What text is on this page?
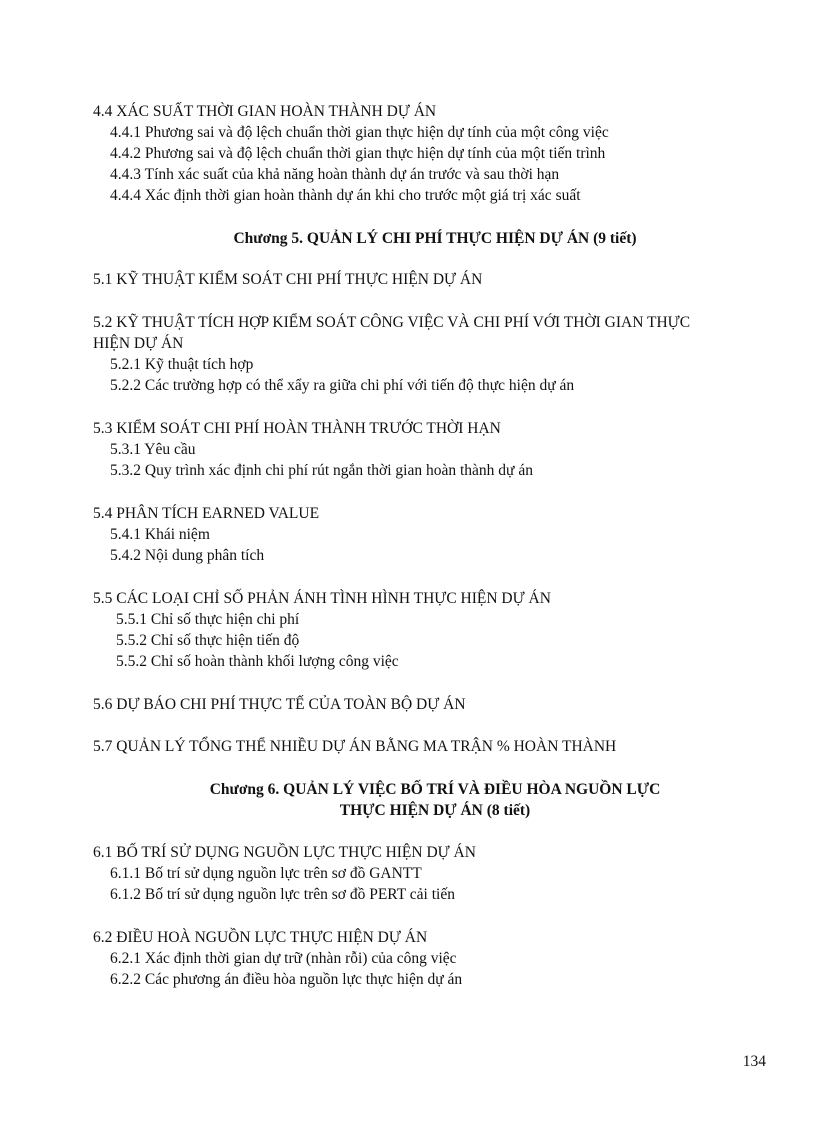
4.4 XÁC SUẤT THỜI GIAN HOÀN THÀNH DỰ ÁN
4.4.1 Phương sai và độ lệch chuẩn thời gian thực hiện dự tính của một công việc
4.4.2 Phương sai và độ lệch chuẩn thời gian thực hiện dự tính của một tiến trình
4.4.3 Tính xác suất của khả năng hoàn thành dự án trước và sau thời hạn
4.4.4 Xác định thời gian hoàn thành dự án khi cho trước một giá trị xác suất
Chương 5. QUẢN LÝ CHI PHÍ THỰC HIỆN DỰ ÁN (9 tiết)
5.1 KỸ THUẬT KIỂM SOÁT CHI PHÍ THỰC HIỆN DỰ ÁN
5.2 KỸ THUẬT TÍCH HỢP KIỂM SOÁT CÔNG VIỆC VÀ CHI PHÍ VỚI THỜI GIAN THỰC
HIỆN DỰ ÁN
5.2.1 Kỹ thuật tích hợp
5.2.2 Các trường hợp có thể xẩy ra giữa chi phí với tiến độ thực hiện dự án
5.3 KIỂM SOÁT CHI PHÍ HOÀN THÀNH TRƯỚC THỜI HẠN
5.3.1 Yêu cầu
5.3.2 Quy trình xác định chi phí rút ngắn thời gian hoàn thành dự án
5.4 PHÂN TÍCH EARNED VALUE
5.4.1 Khái niệm
5.4.2 Nội dung phân tích
5.5 CÁC LOẠI CHỈ SỐ PHẢN ÁNH TÌNH HÌNH THỰC HIỆN DỰ ÁN
5.5.1 Chỉ số thực hiện chi phí
5.5.2 Chỉ số thực hiện tiến độ
5.5.2 Chỉ số hoàn thành khối lượng công việc
5.6 DỰ BÁO CHI PHÍ THỰC TẾ CỦA TOÀN BỘ DỰ ÁN
5.7 QUẢN LÝ TỔNG THỂ NHIỀU DỰ ÁN BẰNG MA TRẬN % HOÀN THÀNH
Chương 6. QUẢN LÝ VIỆC BỐ TRÍ VÀ ĐIỀU HÒA NGUỒN LỰC
THỰC HIỆN DỰ ÁN (8 tiết)
6.1 BỐ TRÍ SỬ DỤNG NGUỒN LỰC THỰC HIỆN DỰ ÁN
6.1.1 Bố trí sử dụng nguồn lực trên sơ đồ GANTT
6.1.2 Bố trí sử dụng nguồn lực trên sơ đồ PERT cải tiến
6.2 ĐIỀU HOÀ NGUỒN LỰC THỰC HIỆN DỰ ÁN
6.2.1 Xác định thời gian dự trữ (nhàn rỗi) của công việc
6.2.2 Các phương án điều hòa nguồn lực thực hiện dự án
134
